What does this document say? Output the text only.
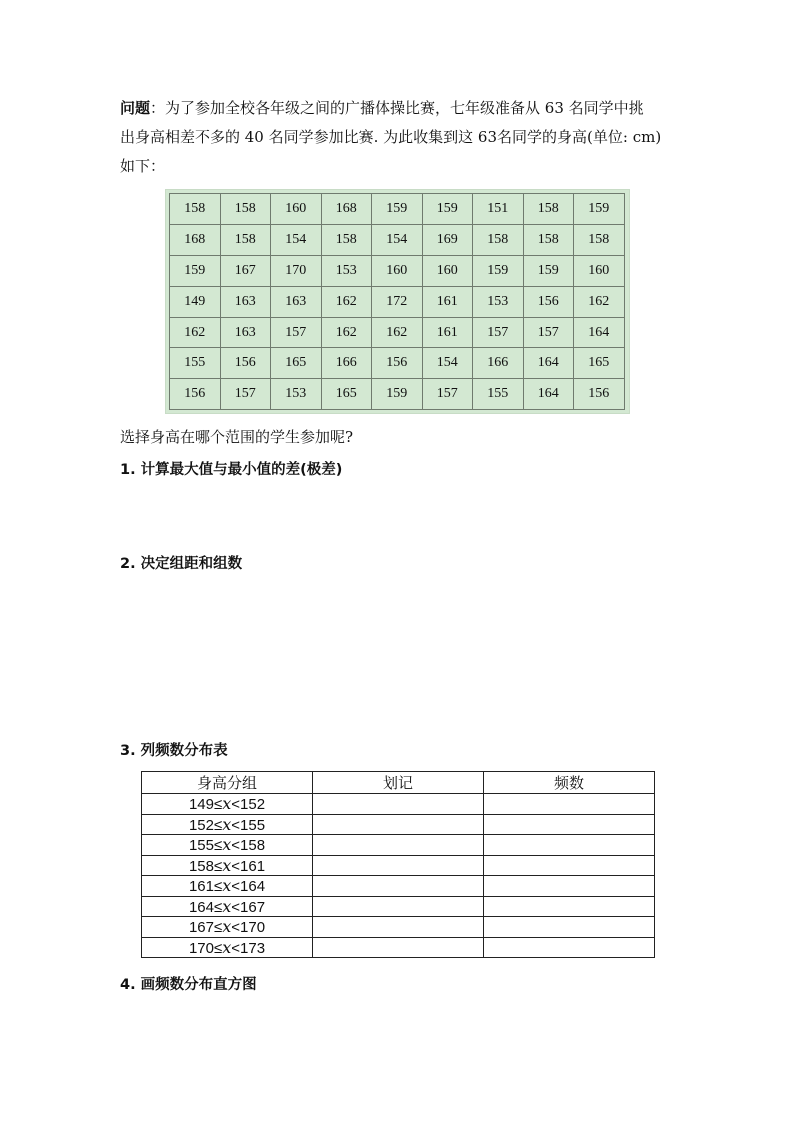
问题：为了参加全校各年级之间的广播体操比赛，七年级准备从 63 名同学中挑

出身高相差不多的 40 名同学参加比赛. 为此收集到这 63名同学的身高(单位: cm)

如下：

158	158	160	168	159	159	151	158	159
168	158	154	158	154	169	158	158	158
159	167	170	153	160	160	159	159	160
149	163	163	162	172	161	153	156	162
162	163	157	162	162	161	157	157	164
155	156	165	166	156	154	166	164	165
156	157	153	165	159	157	155	164	156
选择身高在哪个范围的学生参加呢?
1. 计算最大值与最小值的差(极差)
2. 决定组距和组数
3. 列频数分布表
身高分组	划记	频数
149≤x<152		
152≤x<155		
155≤x<158		
158≤x<161		
161≤x<164		
164≤x<167		
167≤x<170		
170≤x<173		
4. 画频数分布直方图
